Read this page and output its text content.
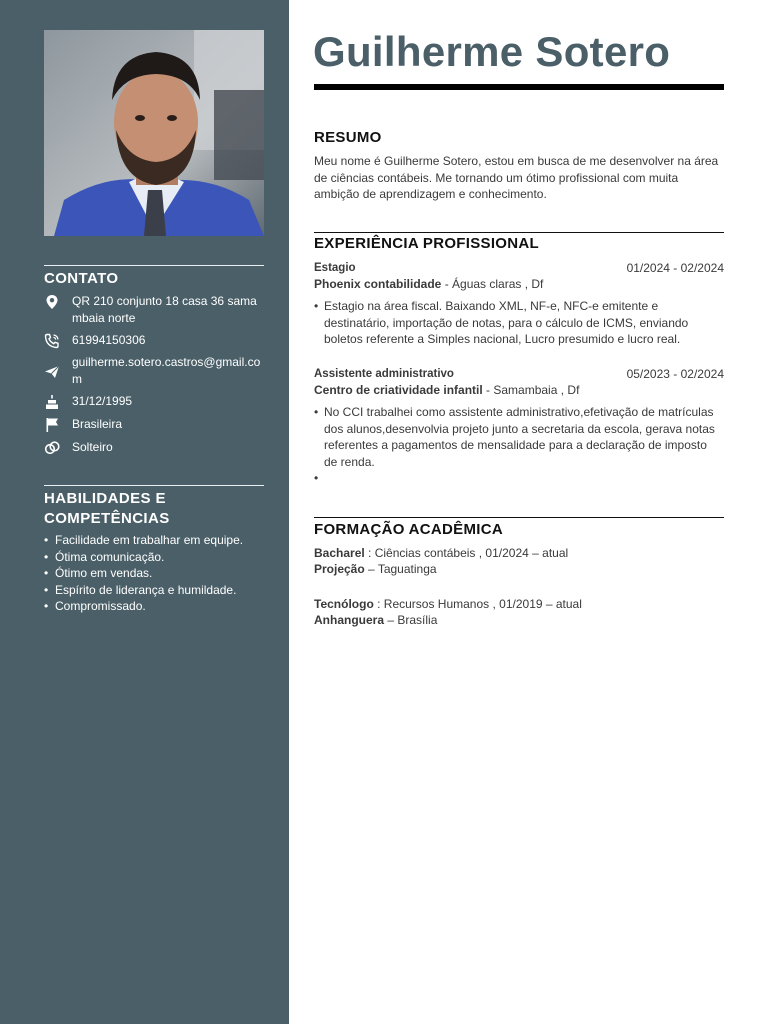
CONTATO
QR 210 conjunto 18 casa 36 samambaia norte
61994150306
guilherme.sotero.castros@gmail.com
31/12/1995
Brasileira
Solteiro
HABILIDADES E COMPETÊNCIAS
• Facilidade em trabalhar em equipe.
• Ótima comunicação.
• Ótimo em vendas.
• Espírito de liderança e humildade.
• Compromissado.
Guilherme Sotero
RESUMO

Meu nome é Guilherme Sotero, estou em busca de me desenvolver na área de ciências contábeis. Me tornando um ótimo profissional com muita ambição de aprendizagem e conhecimento.

EXPERIÊNCIA PROFISSIONAL
Estagio	01/2024 - 02/2024
Phoenix contabilidade - Águas claras , Df
• Estagio na área fiscal. Baixando XML, NF-e, NFC-e emitente e destinatário, importação de notas, para o cálculo de ICMS, enviando boletos referente a Simples nacional, Lucro presumido e lucro real.
Assistente administrativo	05/2023 - 02/2024
Centro de criatividade infantil - Samambaia , Df
• No CCI trabalhei como assistente administrativo,efetivação de matrículas dos alunos,desenvolvia projeto junto a secretaria da escola, gerava notas referentes a pagamentos de mensalidade para a declaração de imposto de renda.
FORMAÇÃO ACADÊMICA
Bacharel : Ciências contábeis , 01/2024 – atual
Projeção – Taguatinga
Tecnólogo : Recursos Humanos , 01/2019 – atual
Anhanguera – Brasília
